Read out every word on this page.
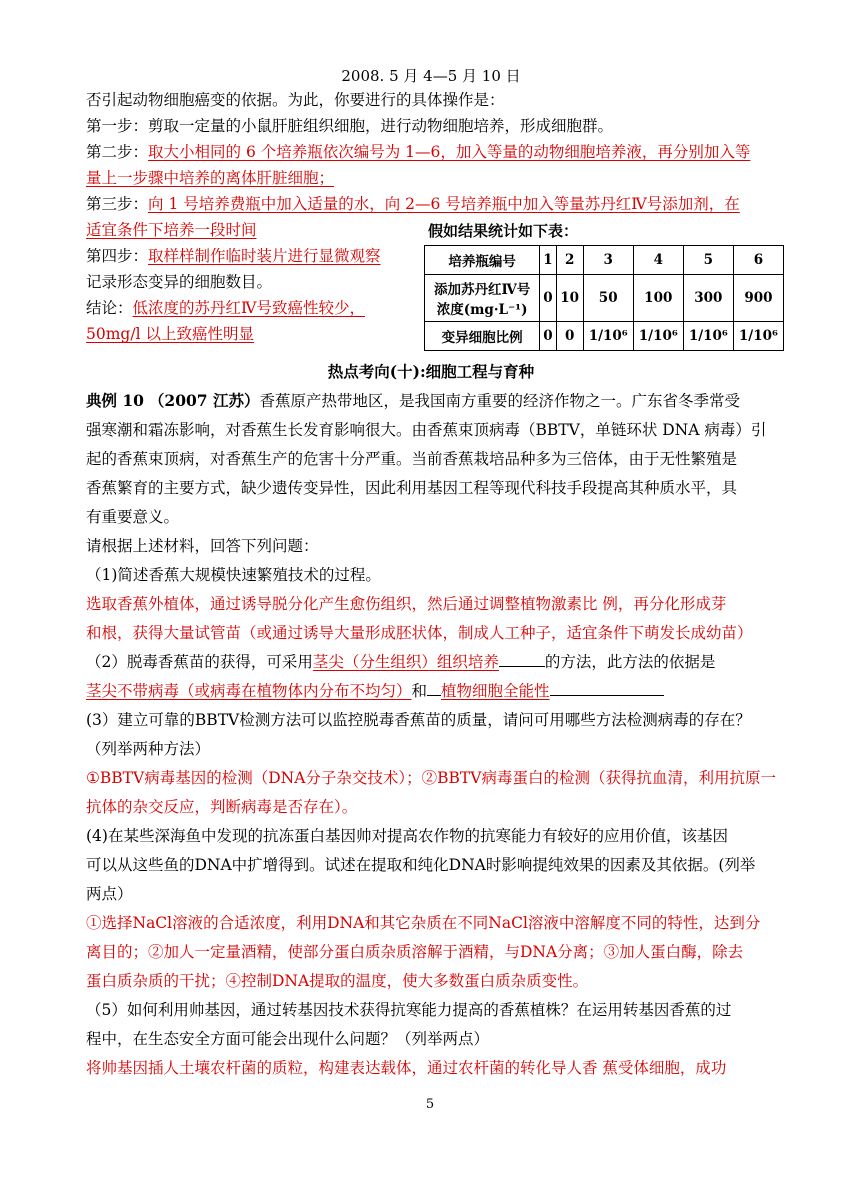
2008. 5 月 4—5 月 10 日
否引起动物细胞癌变的依据。为此，你要进行的具体操作是：
第一步：剪取一定量的小鼠肝脏组织细胞，进行动物细胞培养，形成细胞群。
第二步：取大小相同的 6 个培养瓶依次编号为 1—6，加入等量的动物细胞培养液，再分别加入等
量上一步骤中培养的离体肝脏细胞；
第三步：向 1 号培养费瓶中加入适量的水，向 2—6 号培养瓶中加入等量苏丹红Ⅳ号添加剂，在
适宜条件下培养一段时间
第四步：取样样制作临时装片进行显微观察
记录形态变异的细胞数目。
结论：低浓度的苏丹红Ⅳ号致癌性较少，
50mg/l 以上致癌性明显
热点考向(十):细胞工程与育种
典例 10 （2007 江苏）香蕉原产热带地区，是我国南方重要的经济作物之一。广东省冬季常受
强寒潮和霜冻影响，对香蕉生长发育影响很大。由香蕉束顶病毒（BBTV，单链环状 DNA 病毒）引
起的香蕉束顶病，对香蕉生产的危害十分严重。当前香蕉栽培品种多为三倍体，由于无性繁殖是
香蕉繁育的主要方式，缺少遗传变异性，因此利用基因工程等现代科技手段提高其种质水平，具
有重要意义。
请根据上述材料，回答下列问题：
（1)简述香蕉大规模快速繁殖技术的过程。
选取香蕉外植体，通过诱导脱分化产生愈伤组织，然后通过调整植物激素比 例，再分化形成芽
和根，获得大量试管苗（或通过诱导大量形成胚状体，制成人工种子，适宜条件下萌发长成幼苗）
（2）脱毒香蕉苗的获得，可采用茎尖（分生组织）组织培养	的方法，此方法的依据是
茎尖不带病毒（或病毒在植物体内分布不均匀）和 植物细胞全能性
(3）建立可靠的BBTV检测方法可以监控脱毒香蕉苗的质量，请问可用哪些方法检测病毒的存在？
（列举两种方法）
①BBTV病毒基因的检测（DNA分子杂交技术）；②BBTV病毒蛋白的检测（获得抗血清，利用抗原一
抗体的杂交反应，判断病毒是否存在）。
(4)在某些深海鱼中发现的抗冻蛋白基因帅对提高农作物的抗寒能力有较好的应用价值，该基因
可以从这些鱼的DNA中扩增得到。试述在提取和纯化DNA时影响提纯效果的因素及其依据。(列举
两点）
①选择NaCl溶液的合适浓度，利用DNA和其它杂质在不同NaCl溶液中溶解度不同的特性，达到分
离目的；②加人一定量酒精，使部分蛋白质杂质溶解于酒精，与DNA分离；③加人蛋白酶，除去
蛋白质杂质的干扰；④控制DNA提取的温度，使大多数蛋白质杂质变性。
（5）如何利用帅基因，通过转基因技术获得抗寒能力提高的香蕉植株？在运用转基因香蕉的过
程中，在生态安全方面可能会出现什么问题？（列举两点）
将帅基因插人土壤农杆菌的质粒，构建表达载体，通过农杆菌的转化导人香 蕉受体细胞，成功
假如结果统计如下表：
培养瓶编号	1	2	3	4	5	6

添加苏丹红Ⅳ号
浓度(mg·L⁻¹)	0	10	50	100	300	900
变异细胞比例	0	0	1/10⁶	1/10⁶	1/10⁶	1/10⁶
5
